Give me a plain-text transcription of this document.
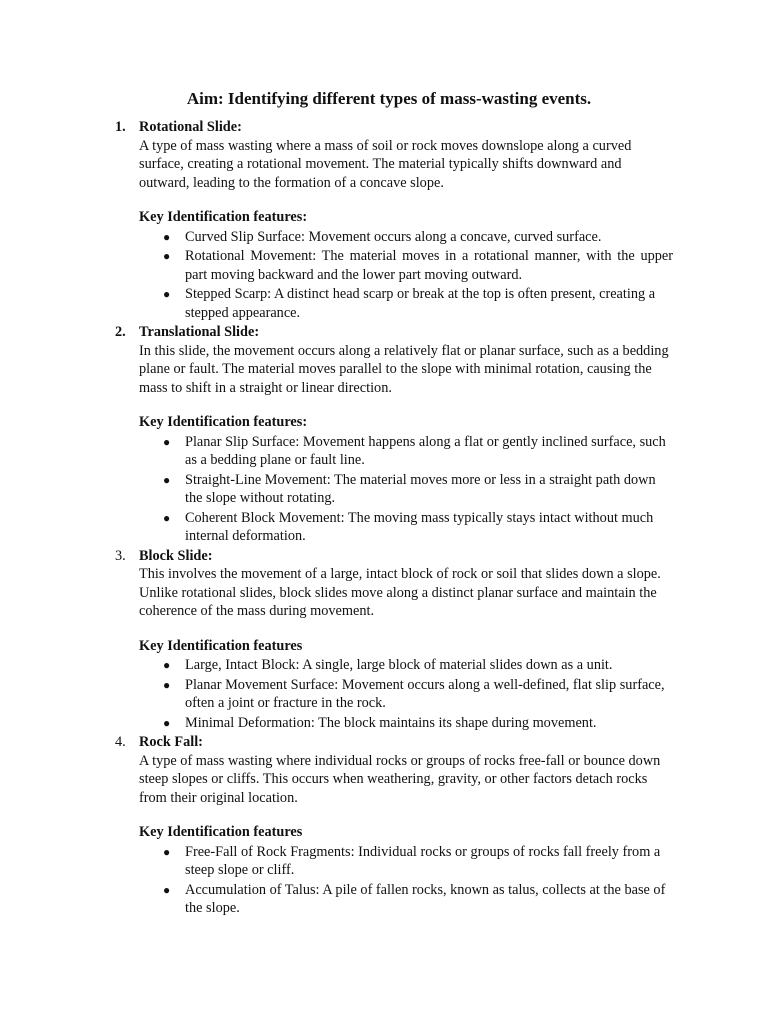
Aim: Identifying different types of mass-wasting events.
1. Rotational Slide:

A type of mass wasting where a mass of soil or rock moves downslope along a curved surface, creating a rotational movement. The material typically shifts downward and outward, leading to the formation of a concave slope.

Key Identification features:
● Curved Slip Surface: Movement occurs along a concave, curved surface.
● Rotational Movement: The material moves in a rotational manner, with the upper part moving backward and the lower part moving outward.
● Stepped Scarp: A distinct head scarp or break at the top is often present, creating a stepped appearance.
2. Translational Slide:

In this slide, the movement occurs along a relatively flat or planar surface, such as a bedding plane or fault. The material moves parallel to the slope with minimal rotation, causing the mass to shift in a straight or linear direction.

Key Identification features:
● Planar Slip Surface: Movement happens along a flat or gently inclined surface, such as a bedding plane or fault line.
● Straight-Line Movement: The material moves more or less in a straight path down the slope without rotating.
● Coherent Block Movement: The moving mass typically stays intact without much internal deformation.
3. Block Slide:

This involves the movement of a large, intact block of rock or soil that slides down a slope. Unlike rotational slides, block slides move along a distinct planar surface and maintain the coherence of the mass during movement.

Key Identification features
● Large, Intact Block: A single, large block of material slides down as a unit.
● Planar Movement Surface: Movement occurs along a well-defined, flat slip surface, often a joint or fracture in the rock.
● Minimal Deformation: The block maintains its shape during movement.
4. Rock Fall:

A type of mass wasting where individual rocks or groups of rocks free-fall or bounce down steep slopes or cliffs. This occurs when weathering, gravity, or other factors detach rocks from their original location.

Key Identification features
● Free-Fall of Rock Fragments: Individual rocks or groups of rocks fall freely from a steep slope or cliff.
● Accumulation of Talus: A pile of fallen rocks, known as talus, collects at the base of the slope.
